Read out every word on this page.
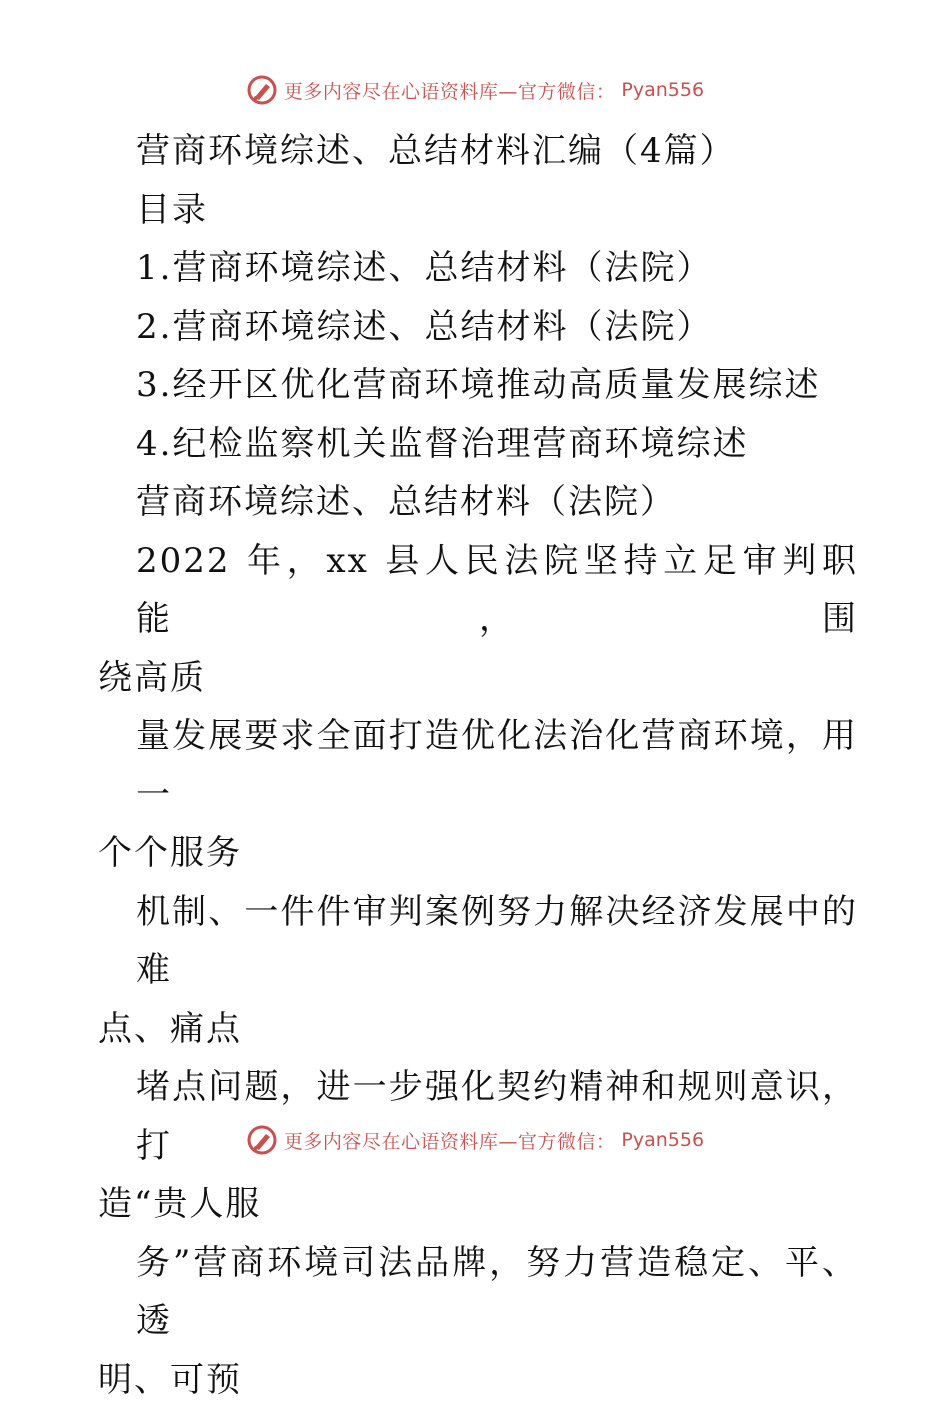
更多内容尽在心语资料库—官方微信： Pyan556
营商环境综述、总结材料汇编（4篇）
目录
1.营商环境综述、总结材料（法院）
2.营商环境综述、总结材料（法院）
3.经开区优化营商环境推动高质量发展综述
4.纪检监察机关监督治理营商环境综述
营商环境综述、总结材料（法院）
2022 年，xx 县人民法院坚持立足审判职能，围
绕高质
量发展要求全面打造优化法治化营商环境，用一
个个服务
机制、一件件审判案例努力解决经济发展中的难
点、痛点
堵点问题，进一步强化契约精神和规则意识，打
造“贵人服
务”营商环境司法品牌，努力营造稳定、平、透
明、可预
更多内容尽在心语资料库—官方微信： Pyan556
